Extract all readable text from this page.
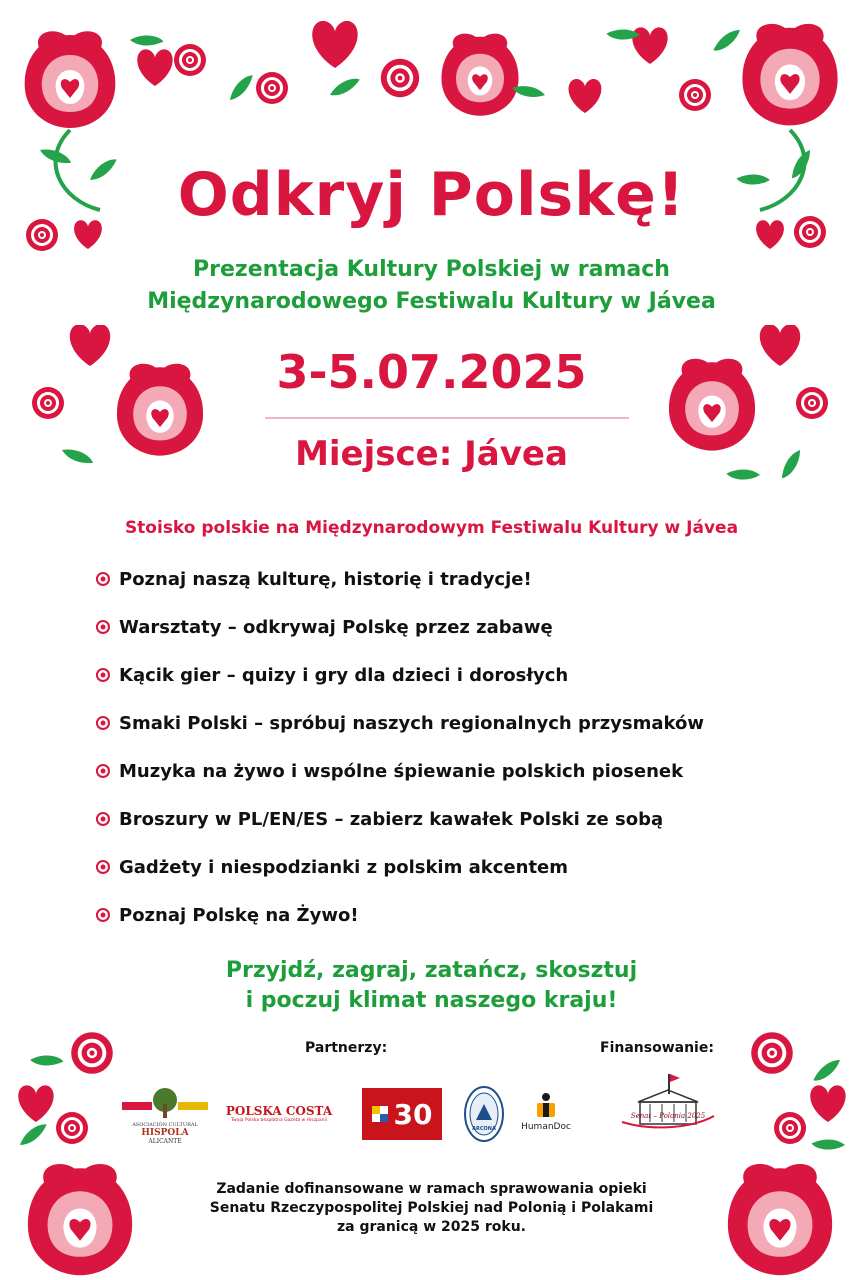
Odkryj Polskę!
Prezentacja Kultury Polskiej w ramach
Międzynarodowego Festiwalu Kultury w Jávea
3-5.07.2025
Miejsce: Jávea
Stoisko polskie na Międzynarodowym Festiwalu Kultury w Jávea
Poznaj naszą kulturę, historię i tradycje!
Warsztaty – odkrywaj Polskę przez zabawę
Kącik gier – quizy i gry dla dzieci i dorosłych
Smaki Polski – spróbuj naszych regionalnych przysmaków
Muzyka na żywo i wspólne śpiewanie polskich piosenek
Broszury w PL/EN/ES – zabierz kawałek Polski ze sobą
Gadżety i niespodzianki z polskim akcentem
Poznaj Polskę na Żywo!
Przyjdź, zagraj, zatańcz, skosztuj
i poczuj klimat naszego kraju!
Partnerzy:	Finansowanie:
ASOCIACIÓN CULTURAL
HISPOLA
ALICANTE
POLSKA COSTA
Twoja Polska bezpłatna Gazeta w Hiszpanii	30	ARCONA	HumanDoc
Senat – Polonia 2025
Zadanie dofinansowane w ramach sprawowania opieki
Senatu Rzeczypospolitej Polskiej nad Polonią i Polakami
za granicą w 2025 roku.
